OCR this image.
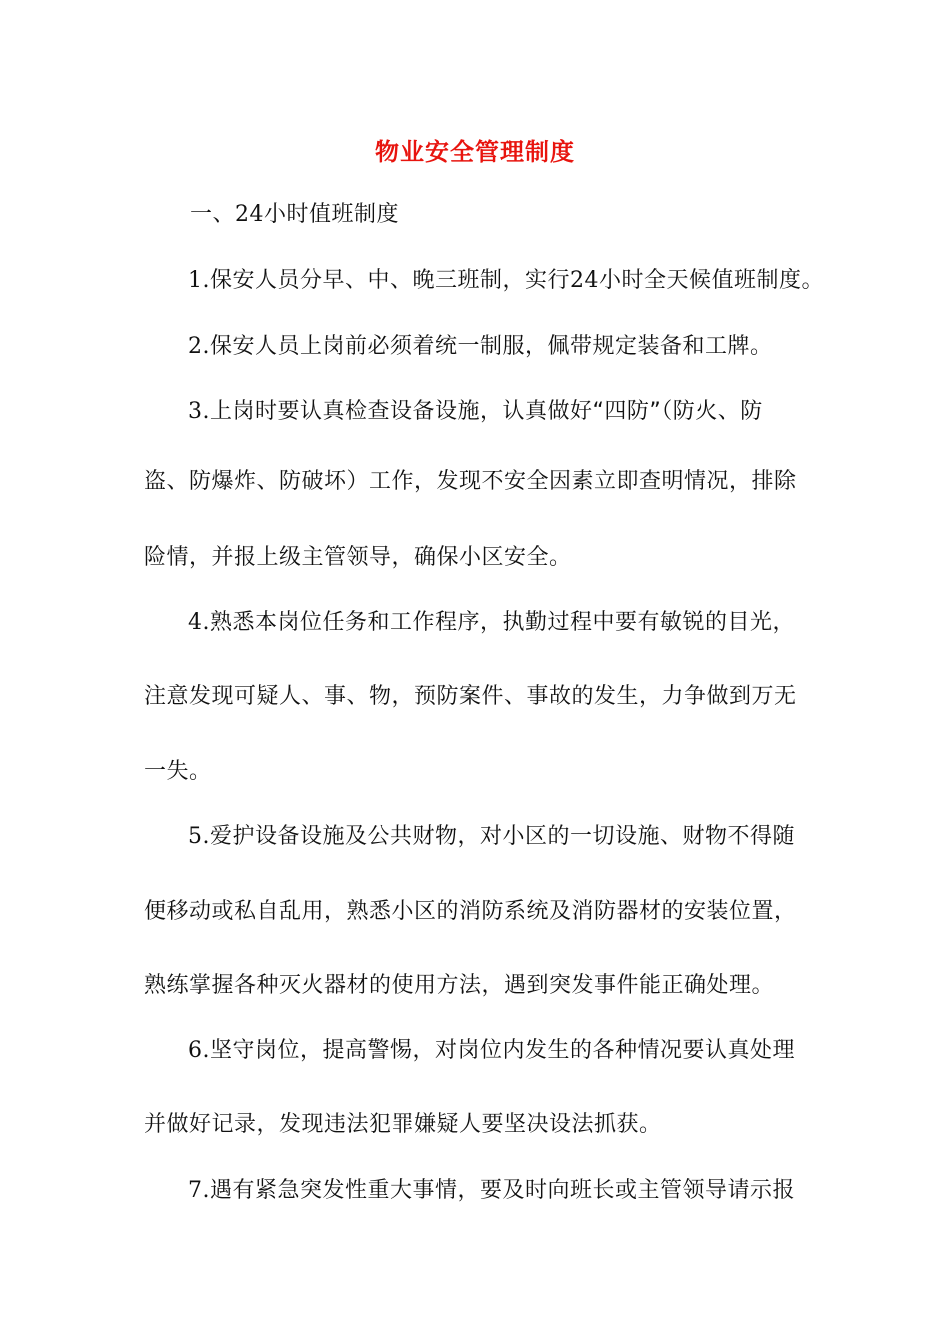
物业安全管理制度
一、24小时值班制度
1.保安人员分早、中、晚三班制，实行24小时全天候值班制度。
2.保安人员上岗前必须着统一制服，佩带规定装备和工牌。
3.上岗时要认真检查设备设施，认真做好“四防”（防火、防
盗、防爆炸、防破坏）工作，发现不安全因素立即查明情况，排除
险情，并报上级主管领导，确保小区安全。
4.熟悉本岗位任务和工作程序，执勤过程中要有敏锐的目光，
注意发现可疑人、事、物，预防案件、事故的发生，力争做到万无
一失。
5.爱护设备设施及公共财物，对小区的一切设施、财物不得随
便移动或私自乱用，熟悉小区的消防系统及消防器材的安装位置，
熟练掌握各种灭火器材的使用方法，遇到突发事件能正确处理。
6.坚守岗位，提高警惕，对岗位内发生的各种情况要认真处理
并做好记录，发现违法犯罪嫌疑人要坚决设法抓获。
7.遇有紧急突发性重大事情，要及时向班长或主管领导请示报
